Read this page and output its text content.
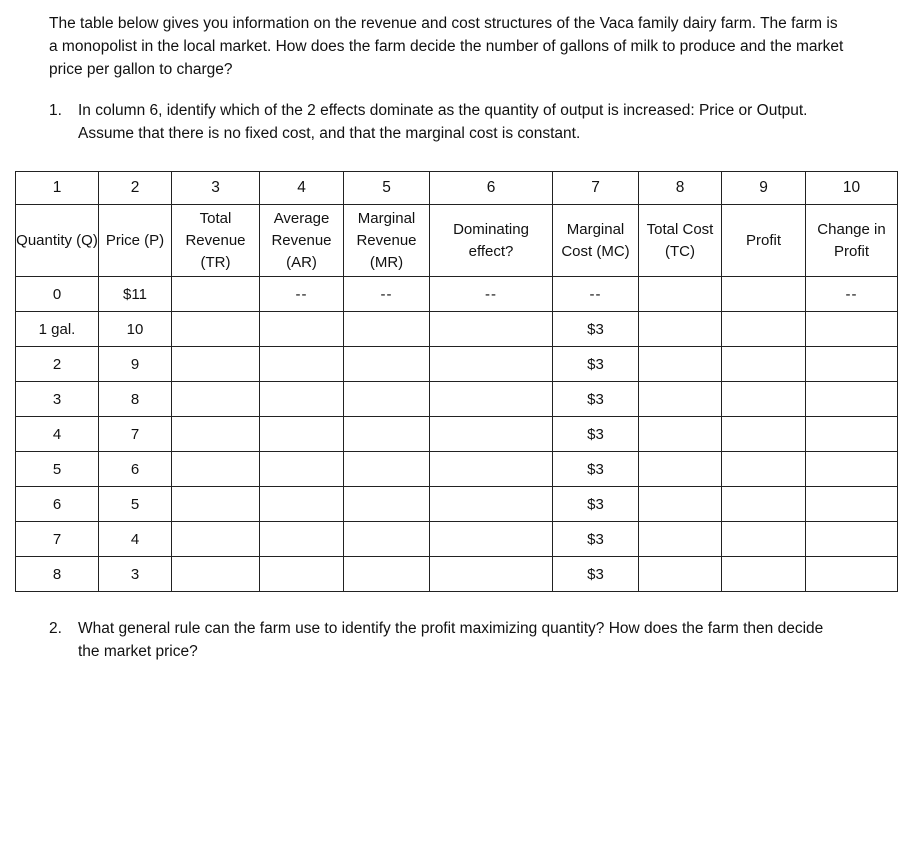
The table below gives you information on the revenue and cost structures of the Vaca family dairy farm. The farm is a monopolist in the local market. How does the farm decide the number of gallons of milk to produce and the market price per gallon to charge?

1.	In column 6, identify which of the 2 effects dominate as the quantity of output is increased: Price or Output. Assume that there is no fixed cost, and that the marginal cost is constant.
1	2	3	4	5	6	7	8	9	10
Quantity (Q)	Price (P)	Total Revenue (TR)	Average Revenue (AR)	Marginal Revenue (MR)	Dominating effect?	Marginal Cost (MC)	Total Cost (TC)	Profit	Change in Profit
0	$11		--	--	--	--			--
1 gal.	10					$3			
2	9					$3			
3	8					$3			
4	7					$3			
5	6					$3			
6	5					$3			
7	4					$3			
8	3					$3			
2.	What general rule can the farm use to identify the profit maximizing quantity? How does the farm then decide the market price?
